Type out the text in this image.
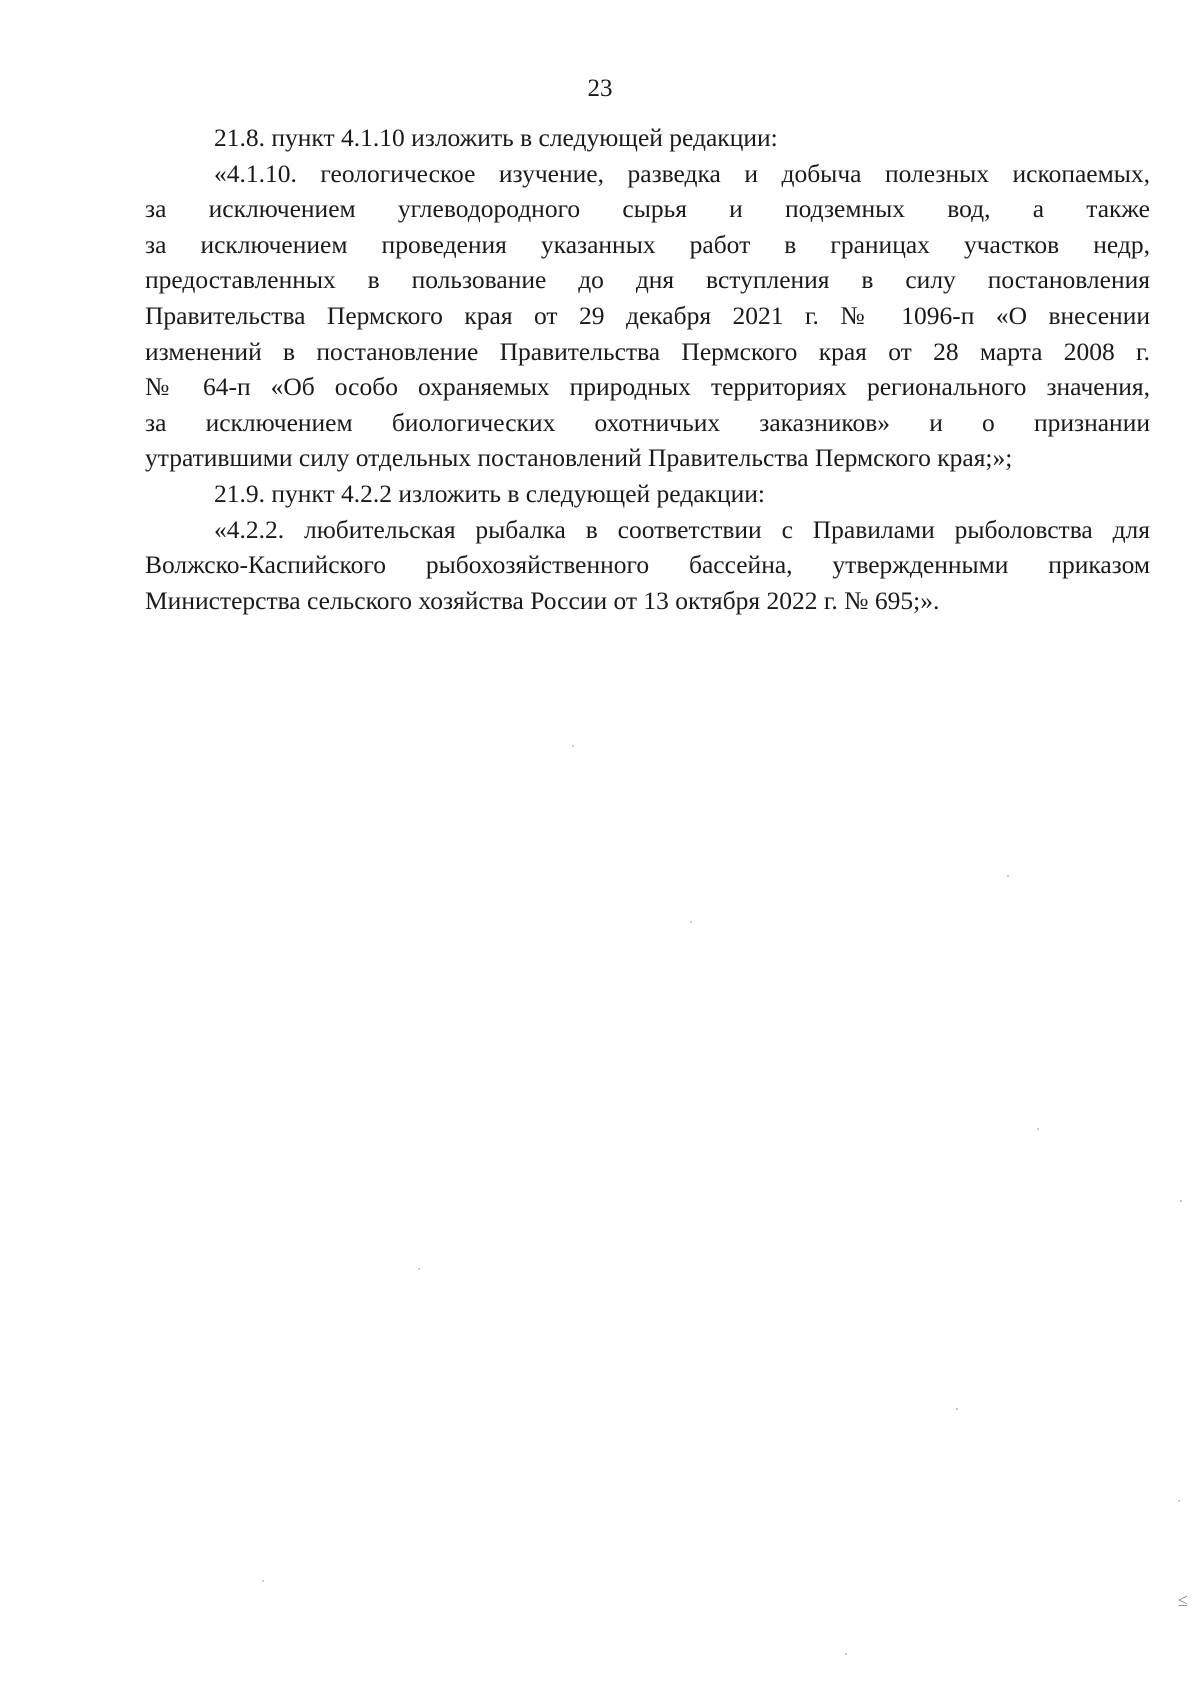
23
21.8. пункт 4.1.10 изложить в следующей редакции:
«4.1.10. геологическое изучение, разведка и добыча полезных ископаемых,
за исключением углеводородного сырья и подземных вод, а также
за исключением проведения указанных работ в границах участков недр,
предоставленных в пользование до дня вступления в силу постановления
Правительства Пермского края от 29 декабря 2021 г. № 1096-п «О внесении
изменений в постановление Правительства Пермского края от 28 марта 2008 г.
№ 64-п «Об особо охраняемых природных территориях регионального значения,
за исключением биологических охотничьих заказников» и о признании
утратившими силу отдельных постановлений Правительства Пермского края;»;
21.9. пункт 4.2.2 изложить в следующей редакции:
«4.2.2. любительская рыбалка в соответствии с Правилами рыболовства для
Волжско-Каспийского рыбохозяйственного бассейна, утвержденными приказом
Министерства сельского хозяйства России от 13 октября 2022 г. № 695;».
≤
